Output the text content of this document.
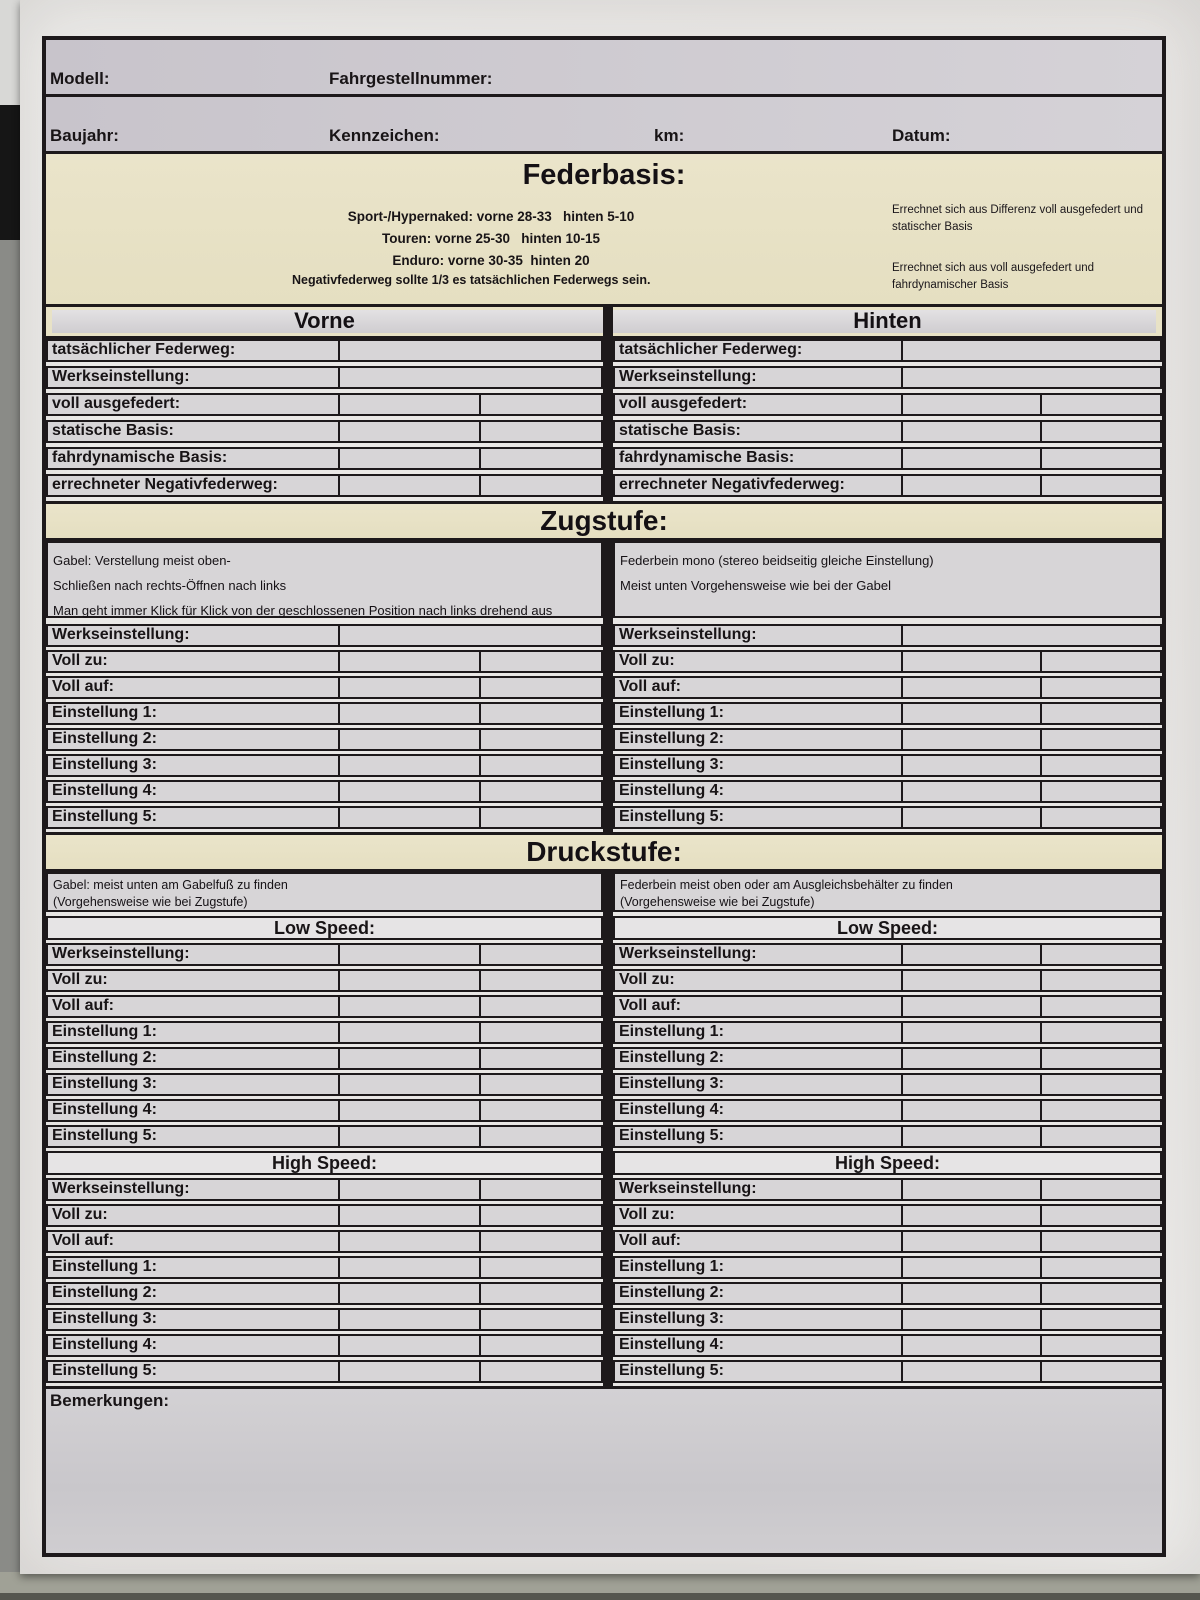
Modell:	Fahrgestellnummer:
Baujahr:	Kennzeichen:	km:	Datum:
Federbasis:
Sport-/Hypernaked: vorne 28-33   hinten 5-10
Touren: vorne 25-30   hinten 10-15
Enduro: vorne 30-35  hinten 20
Negativfederweg sollte 1/3 es tatsächlichen Federwegs sein.
Errechnet sich aus Differenz voll ausgefedert und statischer Basis
Errechnet sich aus voll ausgefedert und fahrdynamischer Basis
Vorne	Hinten
tatsächlicher Federweg:
Werkseinstellung:
voll ausgefedert:
statische Basis:
fahrdynamische Basis:
errechneter Negativfederweg:
tatsächlicher Federweg:
Werkseinstellung:
voll ausgefedert:
statische Basis:
fahrdynamische Basis:
errechneter Negativfederweg:
Zugstufe:
Gabel: Verstellung meist oben-
Schließen nach rechts-Öffnen nach links
Man geht immer Klick für Klick von der geschlossenen Position nach links drehend aus
Federbein mono (stereo beidseitig gleiche Einstellung)
Meist unten Vorgehensweise wie bei der Gabel
Werkseinstellung:
Voll zu:
Voll auf:
Einstellung 1:
Einstellung 2:
Einstellung 3:
Einstellung 4:
Einstellung 5:
Werkseinstellung:
Voll zu:
Voll auf:
Einstellung 1:
Einstellung 2:
Einstellung 3:
Einstellung 4:
Einstellung 5:
Druckstufe:
Gabel: meist unten am Gabelfuß zu finden
(Vorgehensweise wie bei Zugstufe)
Federbein meist oben oder am Ausgleichsbehälter zu finden
(Vorgehensweise wie bei Zugstufe)
Low Speed:
Werkseinstellung:
Voll zu:
Voll auf:
Einstellung 1:
Einstellung 2:
Einstellung 3:
Einstellung 4:
Einstellung 5:
High Speed:
Werkseinstellung:
Voll zu:
Voll auf:
Einstellung 1:
Einstellung 2:
Einstellung 3:
Einstellung 4:
Einstellung 5:
Low Speed:
Werkseinstellung:
Voll zu:
Voll auf:
Einstellung 1:
Einstellung 2:
Einstellung 3:
Einstellung 4:
Einstellung 5:
High Speed:
Werkseinstellung:
Voll zu:
Voll auf:
Einstellung 1:
Einstellung 2:
Einstellung 3:
Einstellung 4:
Einstellung 5:
Bemerkungen:
